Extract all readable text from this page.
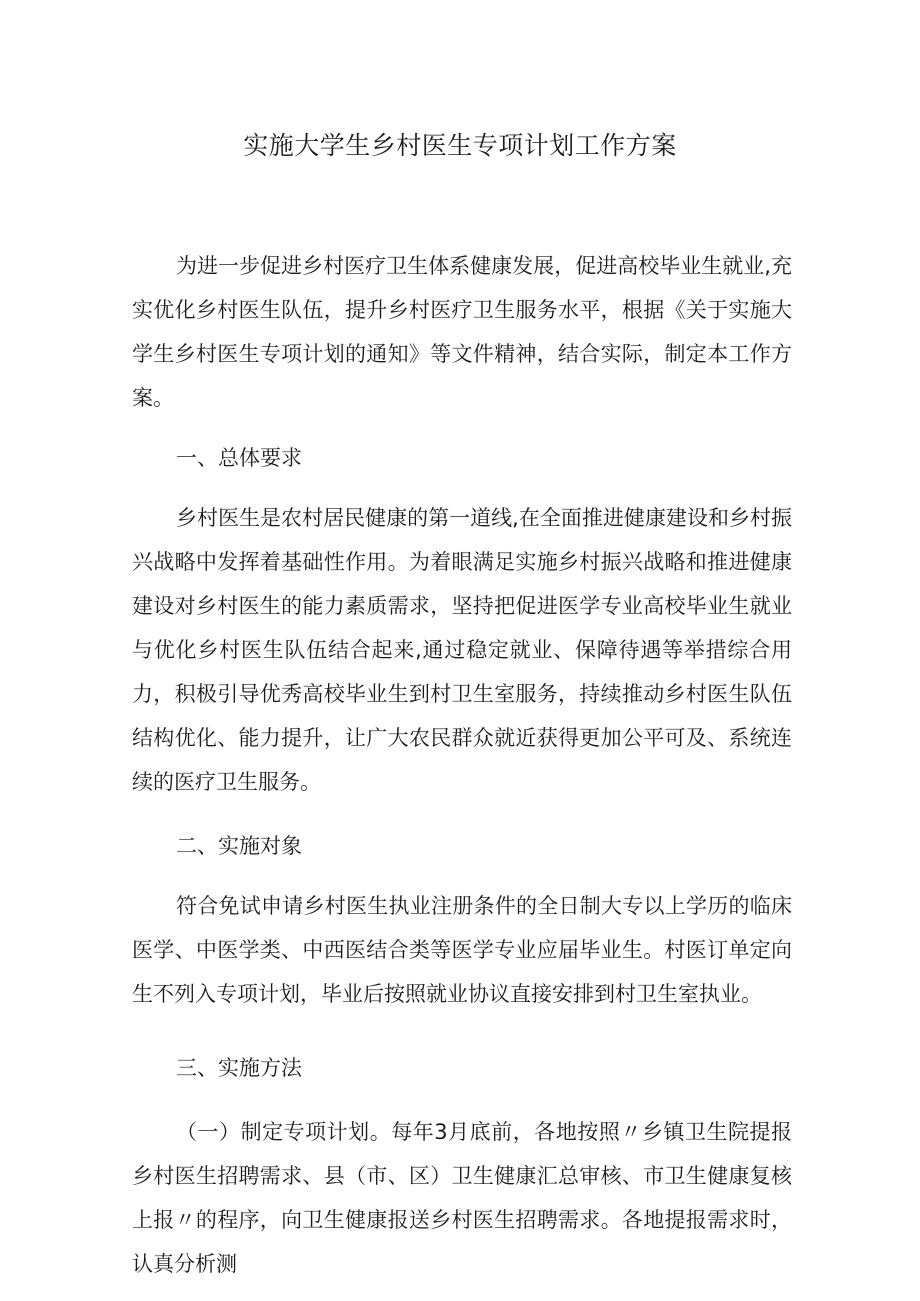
实施大学生乡村医生专项计划工作方案

为进一步促进乡村医疗卫生体系健康发展，促进高校毕业生就业,充实优化乡村医生队伍，提升乡村医疗卫生服务水平，根据《关于实施大学生乡村医生专项计划的通知》等文件精神，结合实际，制定本工作方案。

一、总体要求

乡村医生是农村居民健康的第一道线,在全面推进健康建设和乡村振兴战略中发挥着基础性作用。为着眼满足实施乡村振兴战略和推进健康建设对乡村医生的能力素质需求，坚持把促进医学专业高校毕业生就业与优化乡村医生队伍结合起来,通过稳定就业、保障待遇等举措综合用力，积极引导优秀高校毕业生到村卫生室服务，持续推动乡村医生队伍结构优化、能力提升，让广大农民群众就近获得更加公平可及、系统连续的医疗卫生服务。

二、实施对象

符合免试申请乡村医生执业注册条件的全日制大专以上学历的临床医学、中医学类、中西医结合类等医学专业应届毕业生。村医订单定向生不列入专项计划，毕业后按照就业协议直接安排到村卫生室执业。

三、实施方法

（一）制定专项计划。每年3月底前，各地按照〃乡镇卫生院提报乡村医生招聘需求、县（市、区）卫生健康汇总审核、市卫生健康复核上报〃的程序，向卫生健康报送乡村医生招聘需求。各地提报需求时，认真分析测
